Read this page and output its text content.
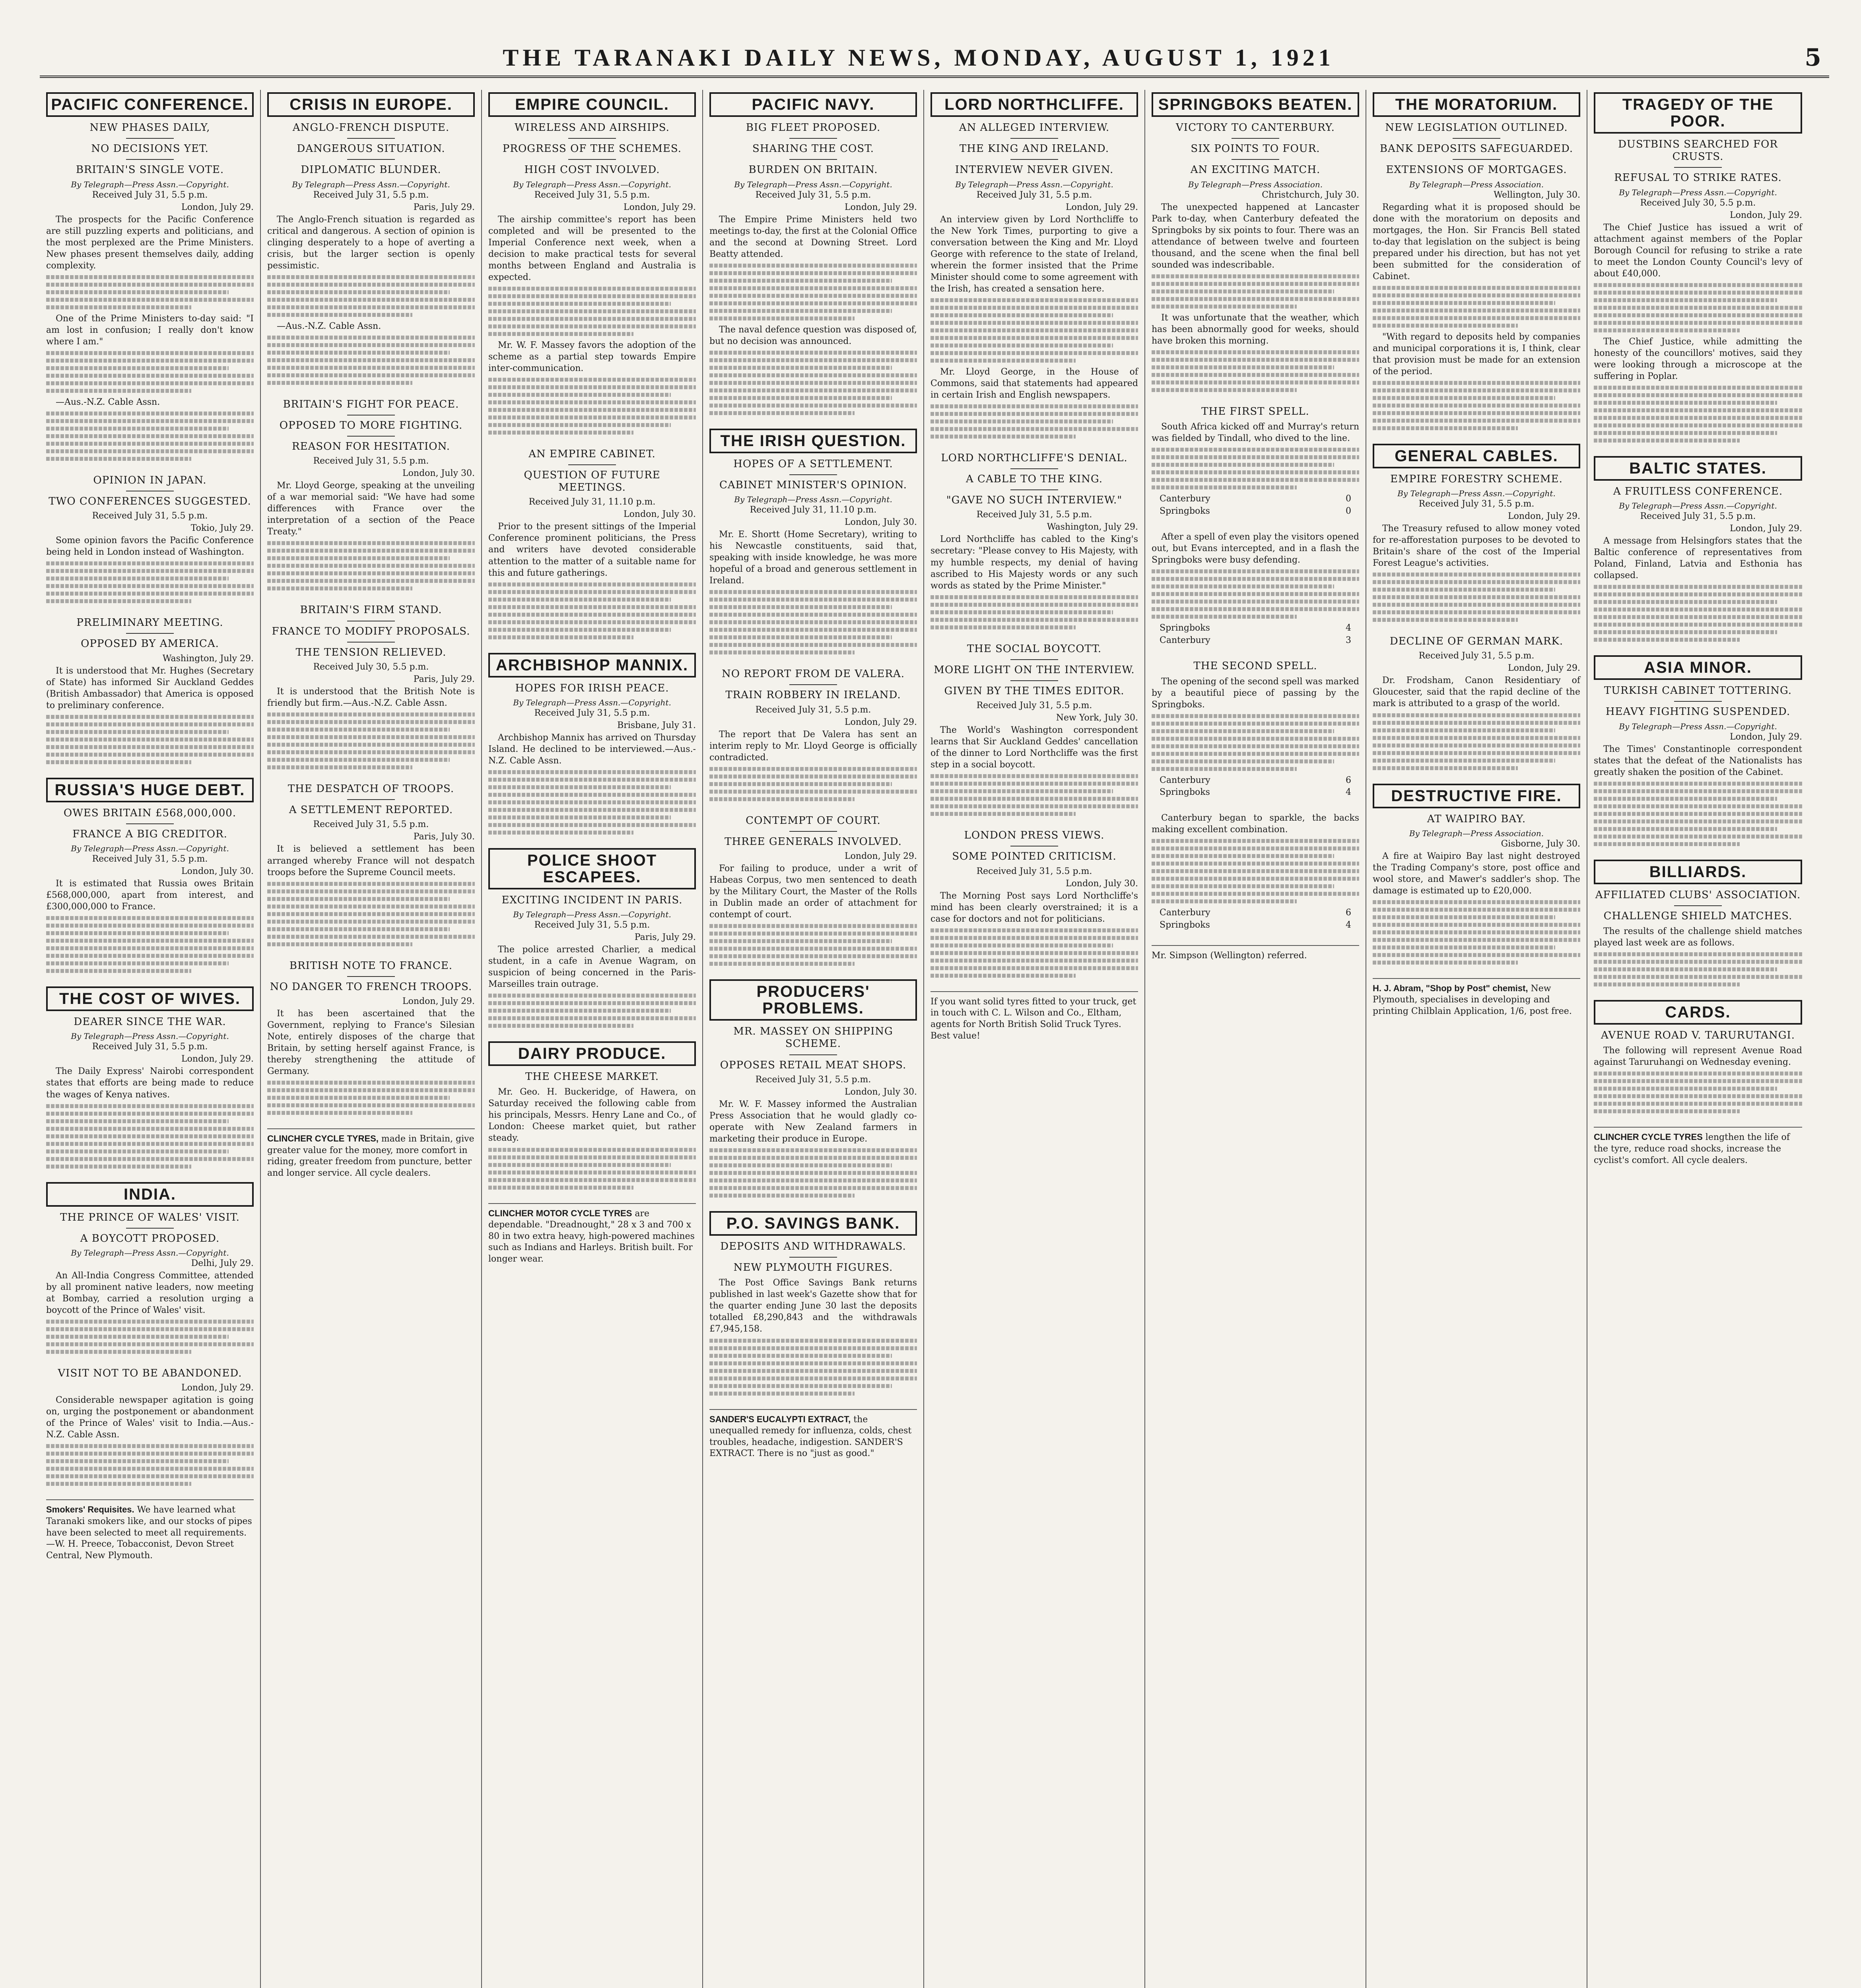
THE TARANAKI DAILY NEWS, MONDAY, AUGUST 1, 1921	5
PACIFIC CONFERENCE.
NEW PHASES DAILY,
NO DECISIONS YET.
BRITAIN'S SINGLE VOTE.
By Telegraph—Press Assn.—Copyright.
Received July 31, 5.5 p.m.
London, July 29.

The prospects for the Pacific Conference are still puzzling experts and politicians, and the most perplexed are the Prime Ministers. New phases present themselves daily, adding complexity.

One of the Prime Ministers to-day said: "I am lost in confusion; I really don't know where I am."

—Aus.-N.Z. Cable Assn.

OPINION IN JAPAN.
TWO CONFERENCES SUGGESTED.
Received July 31, 5.5 p.m.
Tokio, July 29.

Some opinion favors the Pacific Conference being held in London instead of Washington.

PRELIMINARY MEETING.
OPPOSED BY AMERICA.
Washington, July 29.

It is understood that Mr. Hughes (Secretary of State) has informed Sir Auckland Geddes (British Ambassador) that America is opposed to preliminary conference.

RUSSIA'S HUGE DEBT.
OWES BRITAIN £568,000,000.
FRANCE A BIG CREDITOR.
By Telegraph—Press Assn.—Copyright.
Received July 31, 5.5 p.m.
London, July 30.

It is estimated that Russia owes Britain £568,000,000, apart from interest, and £300,000,000 to France.

THE COST OF WIVES.
DEARER SINCE THE WAR.
By Telegraph—Press Assn.—Copyright.
Received July 31, 5.5 p.m.
London, July 29.

The Daily Express' Nairobi correspondent states that efforts are being made to reduce the wages of Kenya natives.

INDIA.
THE PRINCE OF WALES' VISIT.
A BOYCOTT PROPOSED.
By Telegraph—Press Assn.—Copyright.
Delhi, July 29.

An All-India Congress Committee, attended by all prominent native leaders, now meeting at Bombay, carried a resolution urging a boycott of the Prince of Wales' visit.

VISIT NOT TO BE ABANDONED.
London, July 29.

Considerable newspaper agitation is going on, urging the postponement or abandonment of the Prince of Wales' visit to India.—Aus.-N.Z. Cable Assn.

Smokers' Requisites. We have learned what Taranaki smokers like, and our stocks of pipes have been selected to meet all requirements.—W. H. Preece, Tobacconist, Devon Street Central, New Plymouth.
CRISIS IN EUROPE.
ANGLO-FRENCH DISPUTE.
DANGEROUS SITUATION.
DIPLOMATIC BLUNDER.
By Telegraph—Press Assn.—Copyright.
Received July 31, 5.5 p.m.
Paris, July 29.

The Anglo-French situation is regarded as critical and dangerous. A section of opinion is clinging desperately to a hope of averting a crisis, but the larger section is openly pessimistic.

—Aus.-N.Z. Cable Assn.

BRITAIN'S FIGHT FOR PEACE.
OPPOSED TO MORE FIGHTING.
REASON FOR HESITATION.
Received July 31, 5.5 p.m.
London, July 30.

Mr. Lloyd George, speaking at the unveiling of a war memorial said: "We have had some differences with France over the interpretation of a section of the Peace Treaty."

BRITAIN'S FIRM STAND.
FRANCE TO MODIFY PROPOSALS.
THE TENSION RELIEVED.
Received July 30, 5.5 p.m.
Paris, July 29.

It is understood that the British Note is friendly but firm.—Aus.-N.Z. Cable Assn.

THE DESPATCH OF TROOPS.
A SETTLEMENT REPORTED.
Received July 31, 5.5 p.m.
Paris, July 30.

It is believed a settlement has been arranged whereby France will not despatch troops before the Supreme Council meets.

BRITISH NOTE TO FRANCE.
NO DANGER TO FRENCH TROOPS.
London, July 29.

It has been ascertained that the Government, replying to France's Silesian Note, entirely disposes of the charge that Britain, by setting herself against France, is thereby strengthening the attitude of Germany.

CLINCHER CYCLE TYRES, made in Britain, give greater value for the money, more comfort in riding, greater freedom from puncture, better and longer service. All cycle dealers.
EMPIRE COUNCIL.
WIRELESS AND AIRSHIPS.
PROGRESS OF THE SCHEMES.
HIGH COST INVOLVED.
By Telegraph—Press Assn.—Copyright.
Received July 31, 5.5 p.m.
London, July 29.

The airship committee's report has been completed and will be presented to the Imperial Conference next week, when a decision to make practical tests for several months between England and Australia is expected.

Mr. W. F. Massey favors the adoption of the scheme as a partial step towards Empire inter-communication.

AN EMPIRE CABINET.
QUESTION OF FUTURE MEETINGS.
Received July 31, 11.10 p.m.
London, July 30.

Prior to the present sittings of the Imperial Conference prominent politicians, the Press and writers have devoted considerable attention to the matter of a suitable name for this and future gatherings.

ARCHBISHOP MANNIX.
HOPES FOR IRISH PEACE.
By Telegraph—Press Assn.—Copyright.
Received July 31, 5.5 p.m.
Brisbane, July 31.

Archbishop Mannix has arrived on Thursday Island. He declined to be interviewed.—Aus.-N.Z. Cable Assn.

POLICE SHOOT ESCAPEES.
EXCITING INCIDENT IN PARIS.
By Telegraph—Press Assn.—Copyright.
Received July 31, 5.5 p.m.
Paris, July 29.

The police arrested Charlier, a medical student, in a cafe in Avenue Wagram, on suspicion of being concerned in the Paris-Marseilles train outrage.

DAIRY PRODUCE.
THE CHEESE MARKET.

Mr. Geo. H. Buckeridge, of Hawera, on Saturday received the following cable from his principals, Messrs. Henry Lane and Co., of London: Cheese market quiet, but rather steady.

CLINCHER MOTOR CYCLE TYRES are dependable. "Dreadnought," 28 x 3 and 700 x 80 in two extra heavy, high-powered machines such as Indians and Harleys. British built. For longer wear.
PACIFIC NAVY.
BIG FLEET PROPOSED.
SHARING THE COST.
BURDEN ON BRITAIN.
By Telegraph—Press Assn.—Copyright.
Received July 31, 5.5 p.m.
London, July 29.

The Empire Prime Ministers held two meetings to-day, the first at the Colonial Office and the second at Downing Street. Lord Beatty attended.

The naval defence question was disposed of, but no decision was announced.

THE IRISH QUESTION.
HOPES OF A SETTLEMENT.
CABINET MINISTER'S OPINION.
By Telegraph—Press Assn.—Copyright.
Received July 31, 11.10 p.m.
London, July 30.

Mr. E. Shortt (Home Secretary), writing to his Newcastle constituents, said that, speaking with inside knowledge, he was more hopeful of a broad and generous settlement in Ireland.

NO REPORT FROM DE VALERA.
TRAIN ROBBERY IN IRELAND.
Received July 31, 5.5 p.m.
London, July 29.

The report that De Valera has sent an interim reply to Mr. Lloyd George is officially contradicted.

CONTEMPT OF COURT.
THREE GENERALS INVOLVED.
London, July 29.

For failing to produce, under a writ of Habeas Corpus, two men sentenced to death by the Military Court, the Master of the Rolls in Dublin made an order of attachment for contempt of court.

PRODUCERS' PROBLEMS.
MR. MASSEY ON SHIPPING SCHEME.
OPPOSES RETAIL MEAT SHOPS.
Received July 31, 5.5 p.m.
London, July 30.

Mr. W. F. Massey informed the Australian Press Association that he would gladly co-operate with New Zealand farmers in marketing their produce in Europe.

P.O. SAVINGS BANK.
DEPOSITS AND WITHDRAWALS.
NEW PLYMOUTH FIGURES.

The Post Office Savings Bank returns published in last week's Gazette show that for the quarter ending June 30 last the deposits totalled £8,290,843 and the withdrawals £7,945,158.

SANDER'S EUCALYPTI EXTRACT, the unequalled remedy for influenza, colds, chest troubles, headache, indigestion. SANDER'S EXTRACT. There is no "just as good."
LORD NORTHCLIFFE.
AN ALLEGED INTERVIEW.
THE KING AND IRELAND.
INTERVIEW NEVER GIVEN.
By Telegraph—Press Assn.—Copyright.
Received July 31, 5.5 p.m.
London, July 29.

An interview given by Lord Northcliffe to the New York Times, purporting to give a conversation between the King and Mr. Lloyd George with reference to the state of Ireland, wherein the former insisted that the Prime Minister should come to some agreement with the Irish, has created a sensation here.

Mr. Lloyd George, in the House of Commons, said that statements had appeared in certain Irish and English newspapers.

LORD NORTHCLIFFE'S DENIAL.
A CABLE TO THE KING.
"GAVE NO SUCH INTERVIEW."
Received July 31, 5.5 p.m.
Washington, July 29.

Lord Northcliffe has cabled to the King's secretary: "Please convey to His Majesty, with my humble respects, my denial of having ascribed to His Majesty words or any such words as stated by the Prime Minister."

THE SOCIAL BOYCOTT.
MORE LIGHT ON THE INTERVIEW.
GIVEN BY THE TIMES EDITOR.
Received July 31, 5.5 p.m.
New York, July 30.

The World's Washington correspondent learns that Sir Auckland Geddes' cancellation of the dinner to Lord Northcliffe was the first step in a social boycott.

LONDON PRESS VIEWS.
SOME POINTED CRITICISM.
Received July 31, 5.5 p.m.
London, July 30.

The Morning Post says Lord Northcliffe's mind has been clearly overstrained; it is a case for doctors and not for politicians.

If you want solid tyres fitted to your truck, get in touch with C. L. Wilson and Co., Eltham, agents for North British Solid Truck Tyres. Best value!
SPRINGBOKS BEATEN.
VICTORY TO CANTERBURY.
SIX POINTS TO FOUR.
AN EXCITING MATCH.
By Telegraph—Press Association.
Christchurch, July 30.

The unexpected happened at Lancaster Park to-day, when Canterbury defeated the Springboks by six points to four. There was an attendance of between twelve and fourteen thousand, and the scene when the final bell sounded was indescribable.

It was unfortunate that the weather, which has been abnormally good for weeks, should have broken this morning.

THE FIRST SPELL.

South Africa kicked off and Murray's return was fielded by Tindall, who dived to the line.

Canterbury	0
Springboks	0

After a spell of even play the visitors opened out, but Evans intercepted, and in a flash the Springboks were busy defending.

Springboks	4
Canterbury	3
THE SECOND SPELL.

The opening of the second spell was marked by a beautiful piece of passing by the Springboks.

Canterbury	6
Springboks	4

Canterbury began to sparkle, the backs making excellent combination.

Canterbury	6
Springboks	4
Mr. Simpson (Wellington) referred.
THE MORATORIUM.
NEW LEGISLATION OUTLINED.
BANK DEPOSITS SAFEGUARDED.
EXTENSIONS OF MORTGAGES.
By Telegraph—Press Association.
Wellington, July 30.

Regarding what it is proposed should be done with the moratorium on deposits and mortgages, the Hon. Sir Francis Bell stated to-day that legislation on the subject is being prepared under his direction, but has not yet been submitted for the consideration of Cabinet.

"With regard to deposits held by companies and municipal corporations it is, I think, clear that provision must be made for an extension of the period.

GENERAL CABLES.
EMPIRE FORESTRY SCHEME.
By Telegraph—Press Assn.—Copyright.
Received July 31, 5.5 p.m.
London, July 29.

The Treasury refused to allow money voted for re-afforestation purposes to be devoted to Britain's share of the cost of the Imperial Forest League's activities.

DECLINE OF GERMAN MARK.
Received July 31, 5.5 p.m.
London, July 29.

Dr. Frodsham, Canon Residentiary of Gloucester, said that the rapid decline of the mark is attributed to a grasp of the world.

DESTRUCTIVE FIRE.
AT WAIPIRO BAY.
By Telegraph—Press Association.
Gisborne, July 30.

A fire at Waipiro Bay last night destroyed the Trading Company's store, post office and wool store, and Mawer's saddler's shop. The damage is estimated up to £20,000.

H. J. Abram, "Shop by Post" chemist, New Plymouth, specialises in developing and printing Chilblain Application, 1/6, post free.
TRAGEDY OF THE POOR.
DUSTBINS SEARCHED FOR CRUSTS.
REFUSAL TO STRIKE RATES.
By Telegraph—Press Assn.—Copyright.
Received July 30, 5.5 p.m.
London, July 29.

The Chief Justice has issued a writ of attachment against members of the Poplar Borough Council for refusing to strike a rate to meet the London County Council's levy of about £40,000.

The Chief Justice, while admitting the honesty of the councillors' motives, said they were looking through a microscope at the suffering in Poplar.

BALTIC STATES.
A FRUITLESS CONFERENCE.
By Telegraph—Press Assn.—Copyright.
Received July 31, 5.5 p.m.
London, July 29.

A message from Helsingfors states that the Baltic conference of representatives from Poland, Finland, Latvia and Esthonia has collapsed.

ASIA MINOR.
TURKISH CABINET TOTTERING.
HEAVY FIGHTING SUSPENDED.
By Telegraph—Press Assn.—Copyright.
London, July 29.

The Times' Constantinople correspondent states that the defeat of the Nationalists has greatly shaken the position of the Cabinet.

BILLIARDS.
AFFILIATED CLUBS' ASSOCIATION.
CHALLENGE SHIELD MATCHES.

The results of the challenge shield matches played last week are as follows.

CARDS.
AVENUE ROAD V. TARURUTANGI.

The following will represent Avenue Road against Taruruhangi on Wednesday evening.

CLINCHER CYCLE TYRES lengthen the life of the tyre, reduce road shocks, increase the cyclist's comfort. All cycle dealers.
